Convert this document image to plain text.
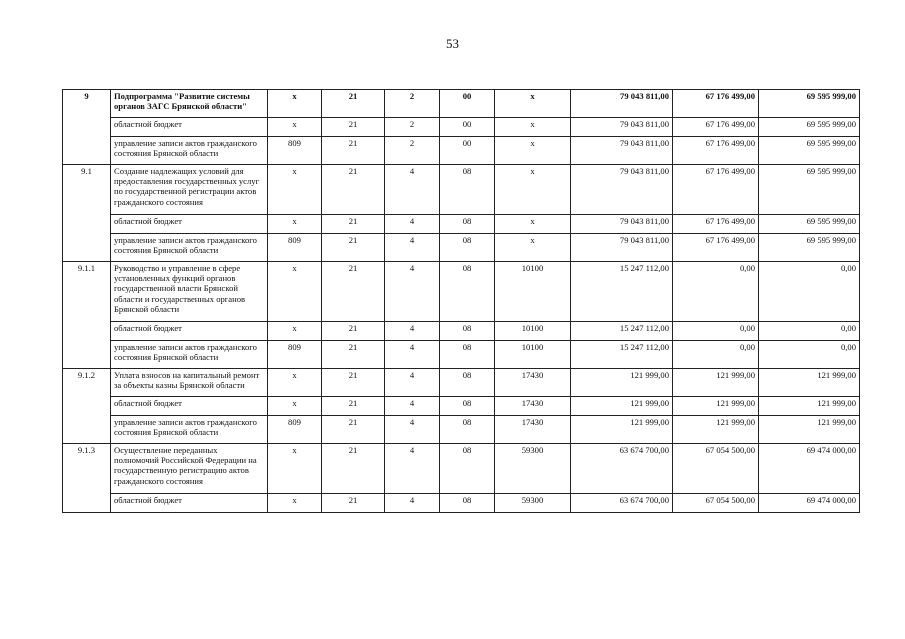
53
9	Подпрограмма "Развитие системы органов ЗАГС Брянской области"	x	21	2	00	x	79 043 811,00	67 176 499,00	69 595 999,00
	областной бюджет	x	21	2	00	x	79 043 811,00	67 176 499,00	69 595 999,00
	управление записи актов гражданского состояния Брянской области	809	21	2	00	x	79 043 811,00	67 176 499,00	69 595 999,00
9.1	Создание надлежащих условий для предоставления государственных услуг по государственной регистрации актов гражданского состояния	x	21	4	08	x	79 043 811,00	67 176 499,00	69 595 999,00
	областной бюджет	x	21	4	08	x	79 043 811,00	67 176 499,00	69 595 999,00
	управление записи актов гражданского состояния Брянской области	809	21	4	08	x	79 043 811,00	67 176 499,00	69 595 999,00
9.1.1	Руководство и управление в сфере установленных функций органов государственной власти Брянской области и государственных органов Брянской области	x	21	4	08	10100	15 247 112,00	0,00	0,00
	областной бюджет	x	21	4	08	10100	15 247 112,00	0,00	0,00
	управление записи актов гражданского состояния Брянской области	809	21	4	08	10100	15 247 112,00	0,00	0,00
9.1.2	Уплата взносов на капитальный ремонт за объекты казны Брянской области	x	21	4	08	17430	121 999,00	121 999,00	121 999,00
	областной бюджет	x	21	4	08	17430	121 999,00	121 999,00	121 999,00
	управление записи актов гражданского состояния Брянской области	809	21	4	08	17430	121 999,00	121 999,00	121 999,00
9.1.3	Осуществление переданных полномочий Российской Федерации на государственную регистрацию актов гражданского состояния	x	21	4	08	59300	63 674 700,00	67 054 500,00	69 474 000,00
	областной бюджет	x	21	4	08	59300	63 674 700,00	67 054 500,00	69 474 000,00
